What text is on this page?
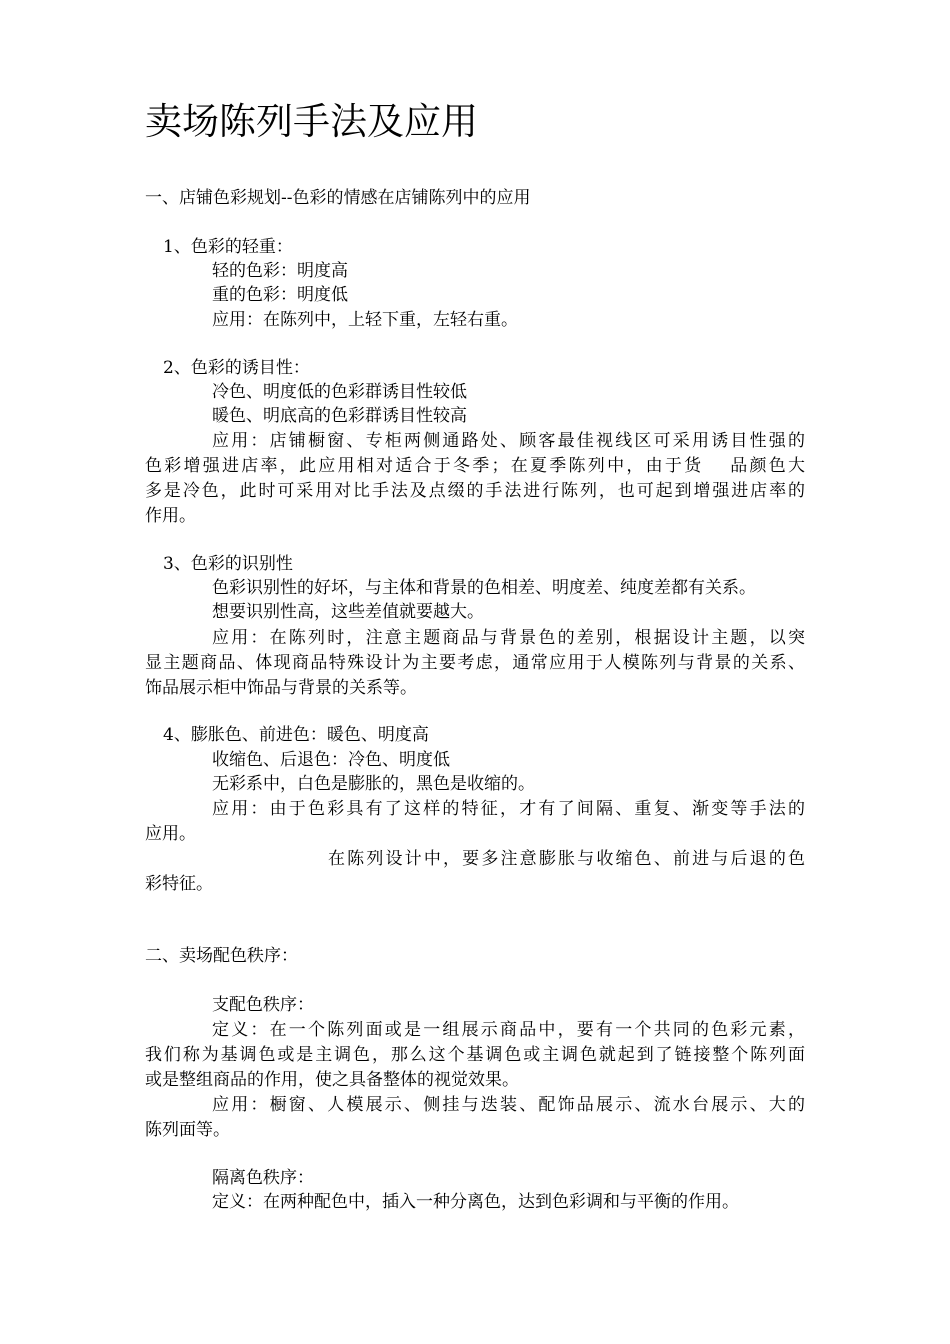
卖场陈列手法及应用
一、店铺色彩规划--色彩的情感在店铺陈列中的应用
1、色彩的轻重：
轻的色彩：明度高
重的色彩：明度低
应用：在陈列中，上轻下重，左轻右重。
2、色彩的诱目性：
冷色、明度低的色彩群诱目性较低
暖色、明底高的色彩群诱目性较高
应用：店铺橱窗、专柜两侧通路处、顾客最佳视线区可采用诱目性强的
色彩增强进店率，此应用相对适合于冬季；在夏季陈列中，由于货　 品颜色大
多是冷色，此时可采用对比手法及点缀的手法进行陈列，也可起到增强进店率的
作用。
3、色彩的识别性
色彩识别性的好坏，与主体和背景的色相差、明度差、纯度差都有关系。
想要识别性高，这些差值就要越大。
应用：在陈列时，注意主题商品与背景色的差别，根据设计主题，以突
显主题商品、体现商品特殊设计为主要考虑，通常应用于人模陈列与背景的关系、
饰品展示柜中饰品与背景的关系等。
4、膨胀色、前进色：暖色、明度高
收缩色、后退色：冷色、明度低
无彩系中，白色是膨胀的，黑色是收缩的。
应用：由于色彩具有了这样的特征，才有了间隔、重复、渐变等手法的
应用。
在陈列设计中，要多注意膨胀与收缩色、前进与后退的色
彩特征。
二、卖场配色秩序：
支配色秩序：
定义：在一个陈列面或是一组展示商品中，要有一个共同的色彩元素，
我们称为基调色或是主调色，那么这个基调色或主调色就起到了链接整个陈列面
或是整组商品的作用，使之具备整体的视觉效果。
应用：橱窗、人模展示、侧挂与迭装、配饰品展示、流水台展示、大的
陈列面等。
隔离色秩序：
定义：在两种配色中，插入一种分离色，达到色彩调和与平衡的作用。
